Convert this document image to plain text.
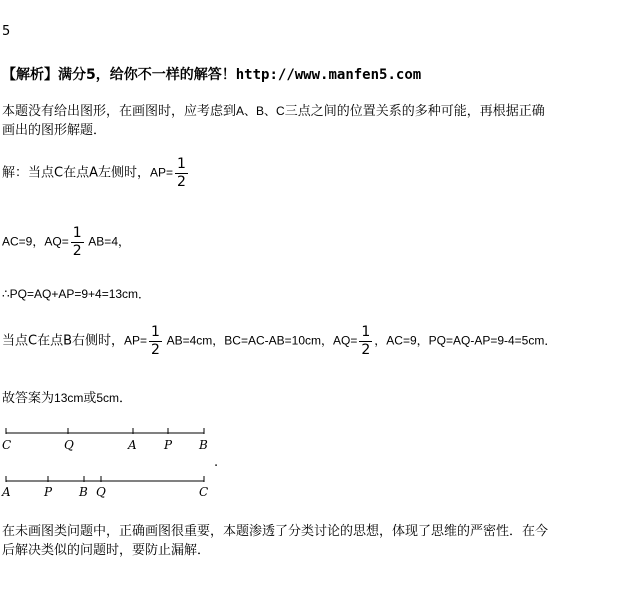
5
【解析】满分5，给你不一样的解答！http://www.manfen5.com
本题没有给出图形，在画图时，应考虑到A、B、C三点之间的位置关系的多种可能，再根据正确
画出的图形解题．
解：当点C在点A左侧时，$AP= \frac{1}{2}$
AC=9，$AQ= \frac{1}{2} AB=4$，
∴PQ=AQ+AP=9+4=13cm．
当点C在点B右侧时，$AP= \frac{1}{2} AB=4cm$，BC=AC-AB=10cm，$AQ= \frac{1}{2}$ ，AC=9，PQ=AQ-AP=9-4=5cm．
故答案为13cm或5cm．
C	Q	A P B
.
A	P B Q	C
在未画图类问题中，正确画图很重要，本题渗透了分类讨论的思想，体现了思维的严密性．在今
后解决类似的问题时，要防止漏解．
